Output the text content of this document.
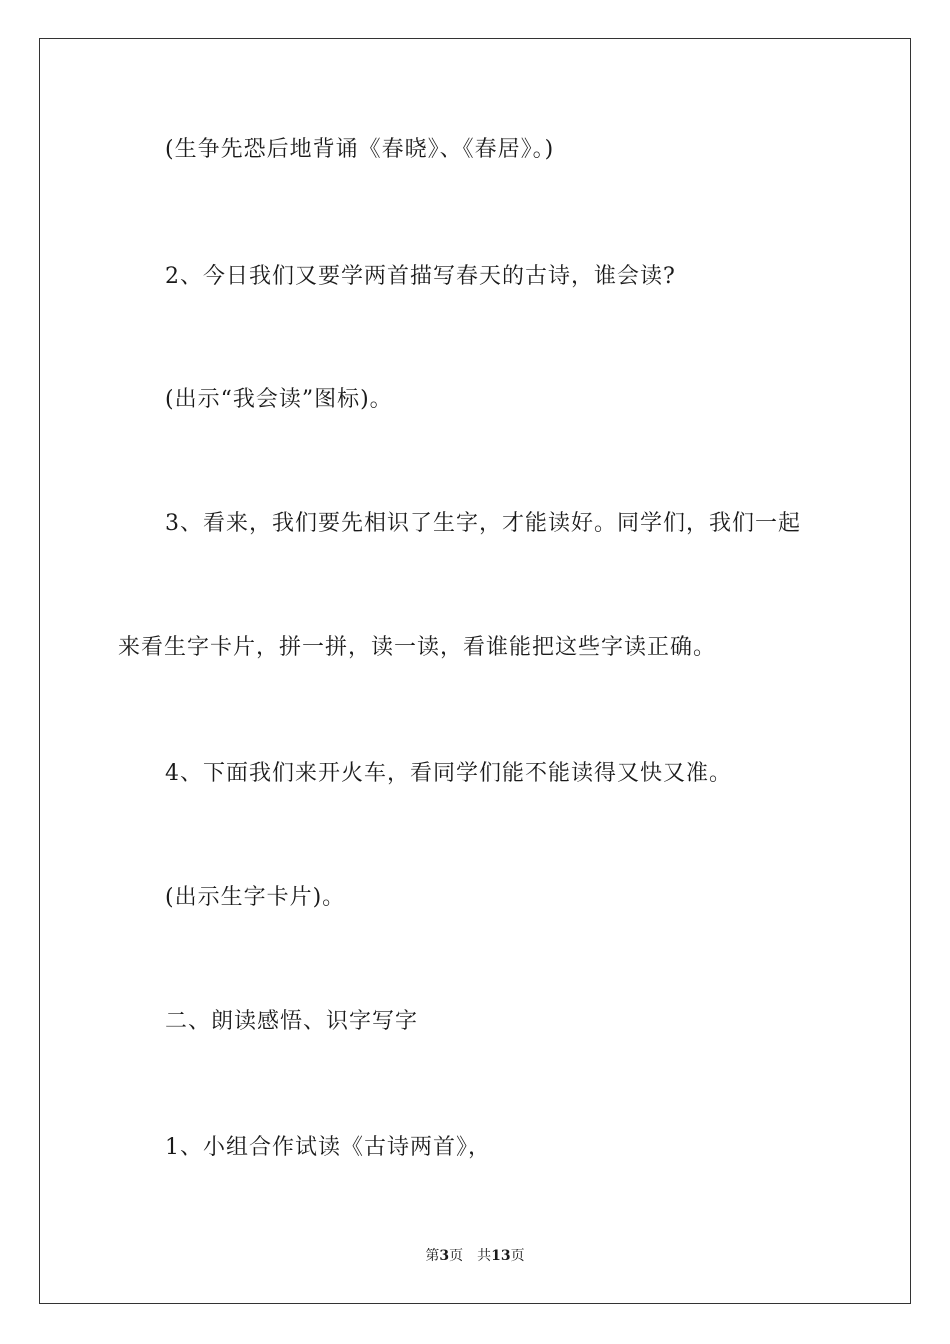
(生争先恐后地背诵《春晓》、《春居》。)
2、今日我们又要学两首描写春天的古诗，谁会读?
(出示“我会读”图标)。
3、看来，我们要先相识了生字，才能读好。同学们，我们一起
来看生字卡片，拼一拼，读一读，看谁能把这些字读正确。
4、下面我们来开火车，看同学们能不能读得又快又准。
(出示生字卡片)。
二、朗读感悟、识字写字
1、小组合作试读《古诗两首》，
第3页 共13页
